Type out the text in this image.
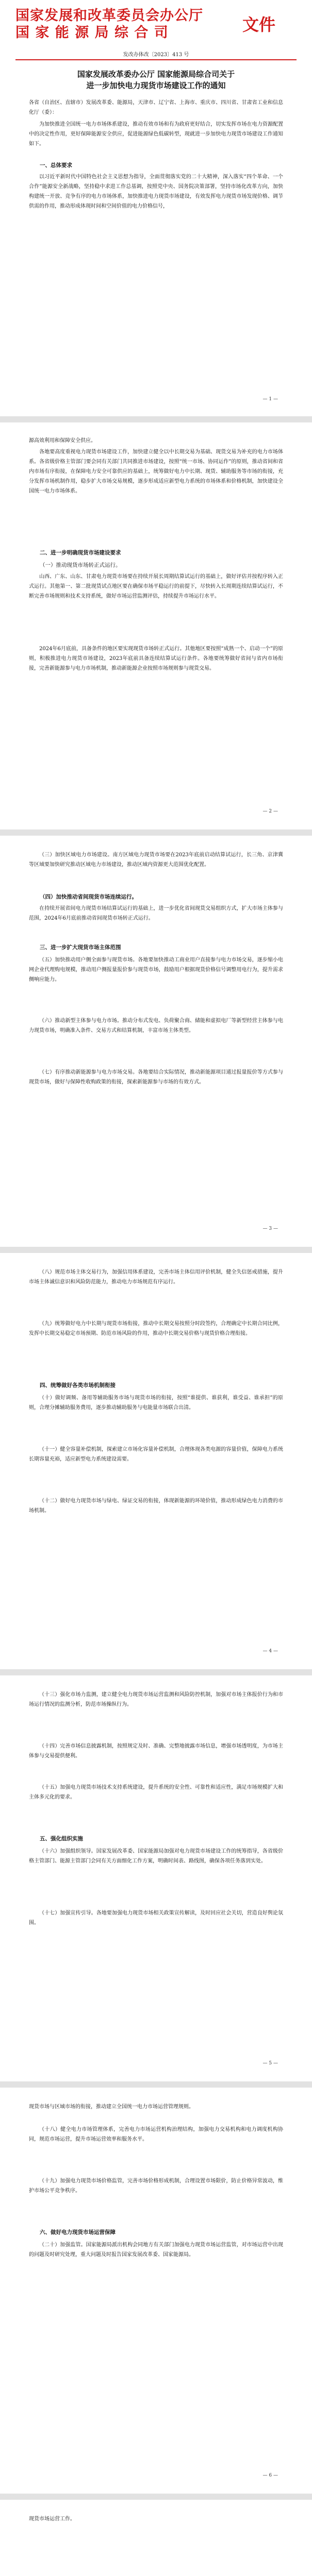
国家发展和改革委员会办公厅
国 家 能 源 局 综 合 司	文件
发改办体改〔2023〕413 号
国家发展改革委办公厅 国家能源局综合司关于
进一步加快电力现货市场建设工作的通知

各省（自治区、直辖市）发展改革委、能源局，天津市、辽宁省、上海市、重庆市、四川省、甘肃省工业和信息化厅（委）：

为加快推进全国统一电力市场体系建设，推动有效市场和有为政府更好结合，切实发挥市场在电力资源配置中的决定性作用，更好保障能源安全供应，促进能源绿色低碳转型，现就进一步加快电力现货市场建设工作通知如下。

一、总体要求

以习近平新时代中国特色社会主义思想为指导，全面贯彻落实党的二十大精神，深入落实“四个革命、一个合作”能源安全新战略，坚持稳中求进工作总基调，按照党中央、国务院决策部署，坚持市场化改革方向，加快构建统一开放、竞争有序的电力市场体系，加快推进电力现货市场建设，有效发挥电力现货市场发现价格、调节供需的作用，推动形成体现时间和空间价值的电力价格信号，

— 1 —

源高效利用和保障安全供应。

各地要高度重视电力现货市场建设工作，加快建立健全以中长期交易为基础、现货交易为补充的电力市场体系。各省级价格主管部门要会同有关部门共同推进市场建设，按照“统一市场、协同运作”的原则，推动省间和省内市场有序衔接，在保障电力安全可靠供应的基础上，统筹做好电力中长期、现货、辅助服务等市场的衔接，充分发挥市场机制作用，稳步扩大市场交易规模，逐步形成适应新型电力系统的市场体系和价格机制，加快建设全国统一电力市场体系。

二、进一步明确现货市场建设要求

（一）推动现货市场转正式运行。

山西、广东、山东、甘肃电力现货市场要在持续开展长周期结算试运行的基础上，做好评估并按程序转入正式运行。其他第一、第二批现货试点地区要在确保市场平稳运行的前提下，尽快转入长周期连续结算试运行，不断完善市场规则和技术支持系统，做好市场运营监测评估，持续提升市场运行水平。

2024年6月底前，具备条件的地区要实现现货市场转正式运行。其他地区要按照“成熟一个、启动一个”的原则，积极推进电力现货市场建设，2023年底前具备连续结算试运行条件。各地要统筹做好省间与省内市场衔接，完善新能源参与电力市场机制，推动新能源企业按照市场规则参与现货交易。

— 2 —

（三）加快区域电力市场建设。南方区域电力现货市场要在2023年底前启动结算试运行，长三角、京津冀等区域要加快研究推动区域电力市场建设，推动区域内资源更大范围优化配置。

（四）加快推动省间现货市场连续运行。

在持续开展省间电力现货市场结算试运行的基础上，进一步优化省间现货交易组织方式，扩大市场主体参与范围，2024年6月底前推动省间现货市场转正式运行。

三、进一步扩大现货市场主体范围

（五）加快推动用户侧全面参与现货市场。各地要加快推动工商业用户直接参与电力市场交易，逐步缩小电网企业代理购电规模，推动用户侧报量报价参与现货市场，鼓励用户根据现货价格信号调整用电行为，提升需求侧响应能力。

（六）推动新型主体参与电力市场。推动分布式发电、负荷聚合商、储能和虚拟电厂等新型经营主体参与电力现货市场，明确准入条件、交易方式和结算机制，丰富市场主体类型。

（七）有序推动新能源参与电力市场交易。各地要结合实际情况，推动新能源项目通过报量报价等方式参与现货市场，做好与保障性收购政策的衔接，探索新能源参与市场的有效方式。

— 3 —

（八）规范市场主体交易行为，加强信用体系建设，完善市场主体信用评价机制，健全失信惩戒措施，提升市场主体诚信意识和风险防范能力，推动电力市场规范有序运行。

（九）统筹做好电力中长期与现货市场衔接，推动中长期交易按照分时段签约，合理确定中长期合同比例，发挥中长期交易稳定市场预期、防范市场风险的作用，推动中长期交易价格与现货价格合理衔接。

四、统筹做好各类市场机制衔接

（十）做好调频、备用等辅助服务市场与现货市场的衔接，按照“谁提供、谁获利，谁受益、谁承担”的原则，合理分摊辅助服务费用，逐步推动辅助服务与电能量市场联合出清。

（十一）健全容量补偿机制，探索建立市场化容量补偿机制，合理体现各类电源的容量价值，保障电力系统长期容量充裕，适应新型电力系统建设需要。

（十二）做好电力现货市场与绿电、绿证交易的衔接，体现新能源的环境价值，推动形成绿色电力消费的市场机制。

— 4 —

（十三）强化市场力监测，建立健全电力现货市场运营监测和风险防控机制，加强对市场主体报价行为和市场运行情况的监测分析，防范市场操纵行为。

（十四）完善市场信息披露机制，按照规定及时、准确、完整地披露市场信息，增强市场透明度，为市场主体参与交易提供便利。

（十五）加强电力现货市场技术支持系统建设，提升系统的安全性、可靠性和适应性，满足市场规模扩大和主体多元化的要求。

五、强化组织实施

（十六）加强组织领导。国家发展改革委、国家能源局加强对电力现货市场建设工作的统筹指导，各省级价格主管部门、能源主管部门会同有关方面细化工作方案，明确时间表、路线图，确保各项任务落到实处。

（十七）加强宣传引导。各地要加强电力现货市场相关政策宣传解读，及时回应社会关切，营造良好舆论氛围。

— 5 —

现货市场与区域市场的衔接，推动建立全国统一电力市场运营管理规则。

（十八）健全电力市场管理体系，完善电力市场运营机构治理结构，加强电力交易机构和电力调度机构协同，规范市场运营，提升市场运营效率和服务水平。

（十九）加强电力现货市场价格监管，完善市场价格形成机制，合理设置市场限价，防止价格异常波动，维护市场公平竞争秩序。

六、做好电力现货市场运营保障

（二十）加强监管。国家能源局派出机构会同地方有关部门加强电力现货市场运营监管，对市场运营中出现的问题及时研究处理，重大问题及时报告国家发展改革委、国家能源局。

— 6 —

现货市场运营工作。
